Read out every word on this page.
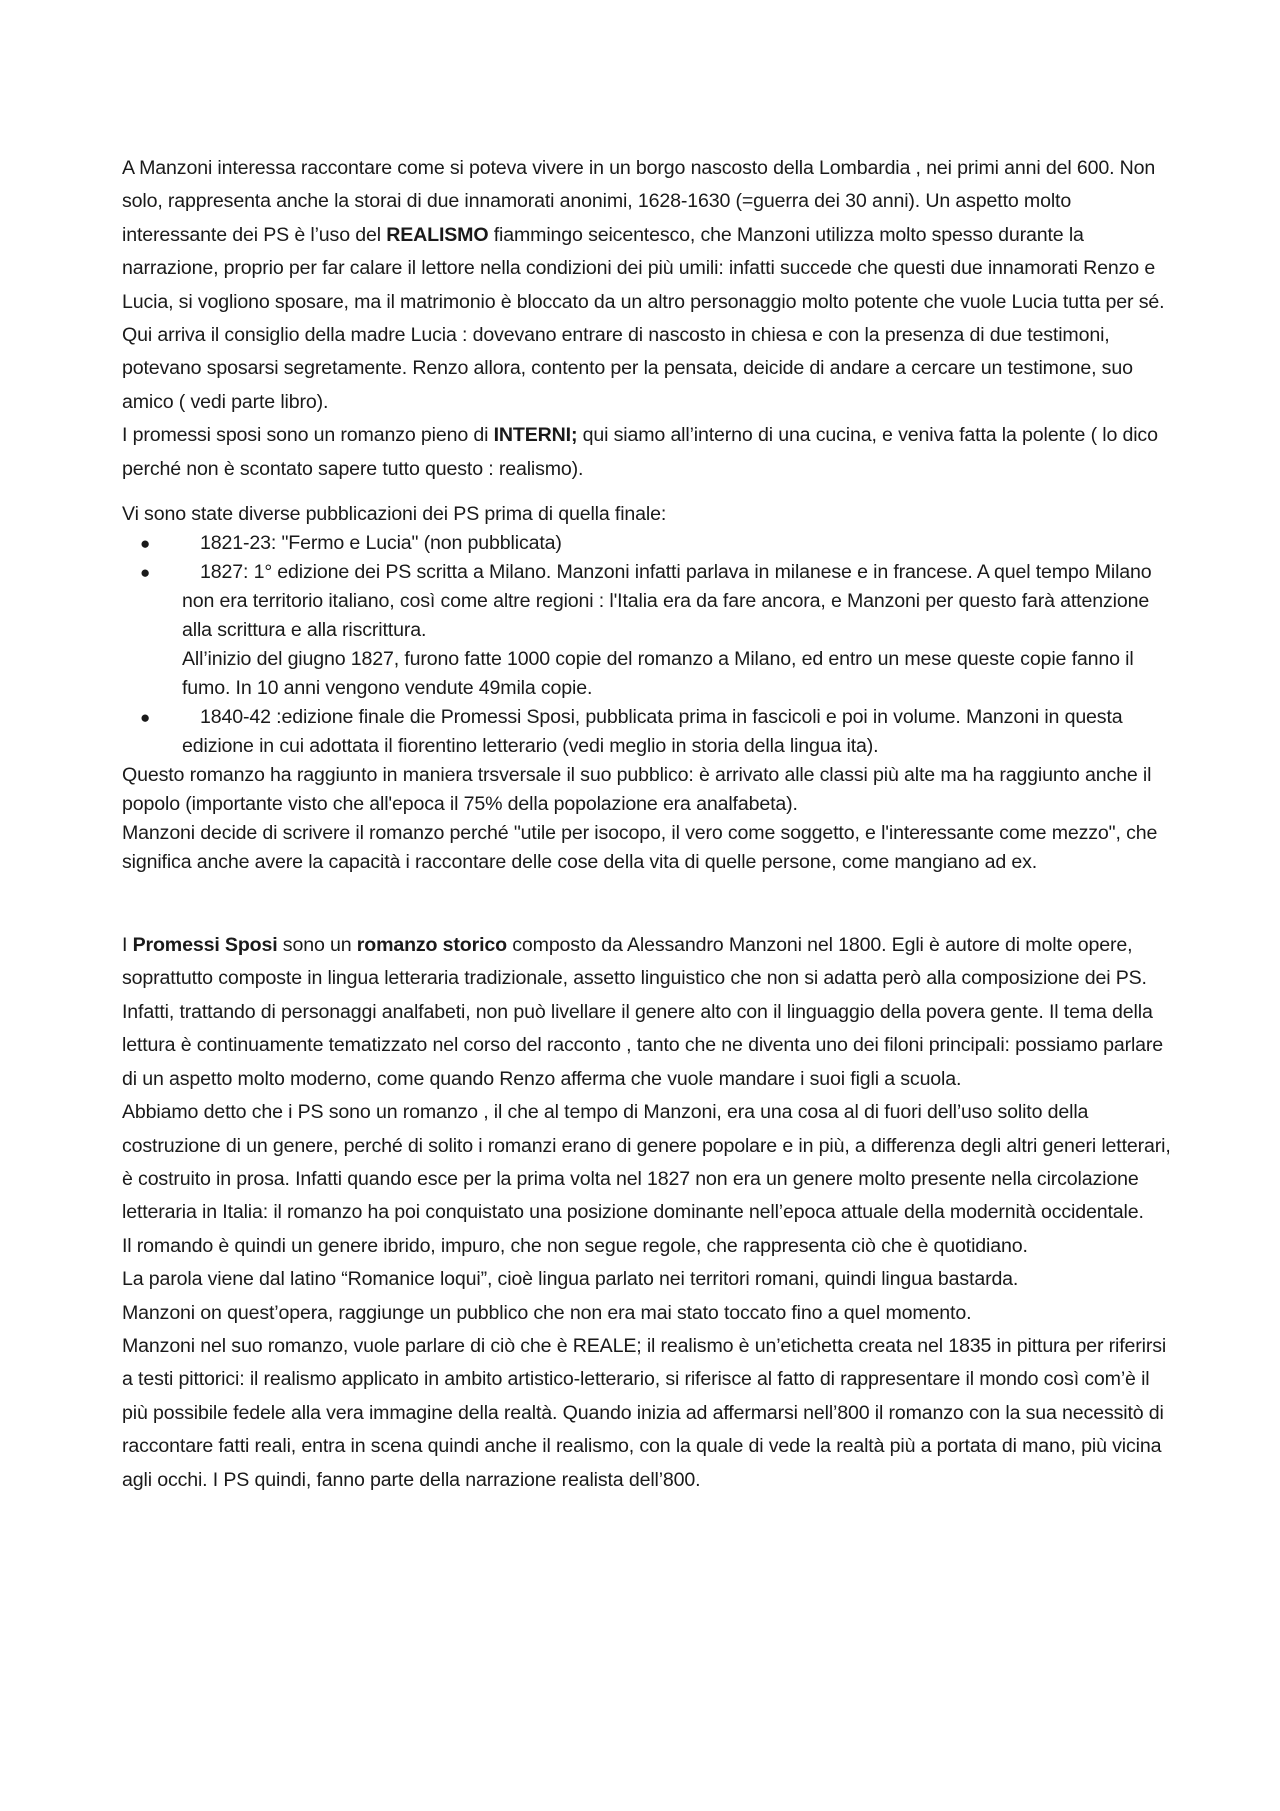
A Manzoni interessa raccontare come si poteva vivere in un borgo nascosto della Lombardia , nei primi anni del 600. Non solo, rappresenta anche la storai di due innamorati anonimi, 1628-1630 (=guerra dei 30 anni). Un aspetto molto interessante dei PS è l’uso del REALISMO fiammingo seicentesco, che Manzoni utilizza molto spesso durante la narrazione, proprio per far calare il lettore nella condizioni dei più umili: infatti succede che questi due innamorati Renzo e Lucia, si vogliono sposare, ma il matrimonio è bloccato da un altro personaggio molto potente che vuole Lucia tutta per sé. Qui arriva il consiglio della madre Lucia : dovevano entrare di nascosto in chiesa e con la presenza di due testimoni, potevano sposarsi segretamente. Renzo allora, contento per la pensata, deicide di andare a cercare un testimone, suo amico ( vedi parte libro).

I promessi sposi sono un romanzo pieno di INTERNI; qui siamo all’interno di una cucina, e veniva fatta la polente ( lo dico perché non è scontato sapere tutto questo : realismo).

Vi sono state diverse pubblicazioni dei PS prima di quella finale:

●	1821-23: "Fermo e Lucia" (non pubblicata)
●	1827: 1° edizione dei PS scritta a Milano. Manzoni infatti parlava in milanese e in francese. A quel tempo Milano non era territorio italiano, così come altre regioni : l'Italia era da fare ancora, e Manzoni per questo farà attenzione alla scrittura e alla riscrittura.
All’inizio del giugno 1827, furono fatte 1000 copie del romanzo a Milano, ed entro un mese queste copie fanno il fumo. In 10 anni vengono vendute 49mila copie.
●	1840-42 :edizione finale die Promessi Sposi, pubblicata prima in fascicoli e poi in volume. Manzoni in questa edizione in cui adottata il fiorentino letterario (vedi meglio in storia della lingua ita).

Questo romanzo ha raggiunto in maniera trsversale il suo pubblico: è arrivato alle classi più alte ma ha raggiunto anche il popolo (importante visto che all'epoca il 75% della popolazione era analfabeta).

Manzoni decide di scrivere il romanzo perché "utile per isocopo, il vero come soggetto, e l'interessante come mezzo", che significa anche avere la capacità i raccontare delle cose della vita di quelle persone, come mangiano ad ex.

I Promessi Sposi sono un romanzo storico composto da Alessandro Manzoni nel 1800. Egli è autore di molte opere, soprattutto composte in lingua letteraria tradizionale, assetto linguistico che non si adatta però alla composizione dei PS. Infatti, trattando di personaggi analfabeti, non può livellare il genere alto con il linguaggio della povera gente. Il tema della lettura è continuamente tematizzato nel corso del racconto , tanto che ne diventa uno dei filoni principali: possiamo parlare di un aspetto molto moderno, come quando Renzo afferma che vuole mandare i suoi figli a scuola.

Abbiamo detto che i PS sono un romanzo , il che al tempo di Manzoni, era una cosa al di fuori dell’uso solito della costruzione di un genere, perché di solito i romanzi erano di genere popolare e in più, a differenza degli altri generi letterari, è costruito in prosa. Infatti quando esce per la prima volta nel 1827 non era un genere molto presente nella circolazione letteraria in Italia: il romanzo ha poi conquistato una posizione dominante nell’epoca attuale della modernità occidentale.

Il romando è quindi un genere ibrido, impuro, che non segue regole, che rappresenta ciò che è quotidiano.

La parola viene dal latino “Romanice loqui”, cioè lingua parlato nei territori romani, quindi lingua bastarda.

Manzoni on quest’opera, raggiunge un pubblico che non era mai stato toccato fino a quel momento.

Manzoni nel suo romanzo, vuole parlare di ciò che è REALE; il realismo è un’etichetta creata nel 1835 in pittura per riferirsi a testi pittorici: il realismo applicato in ambito artistico-letterario, si riferisce al fatto di rappresentare il mondo così com’è il più possibile fedele alla vera immagine della realtà. Quando inizia ad affermarsi nell’800 il romanzo con la sua necessitò di raccontare fatti reali, entra in scena quindi anche il realismo, con la quale di vede la realtà più a portata di mano, più vicina agli occhi. I PS quindi, fanno parte della narrazione realista dell’800.
